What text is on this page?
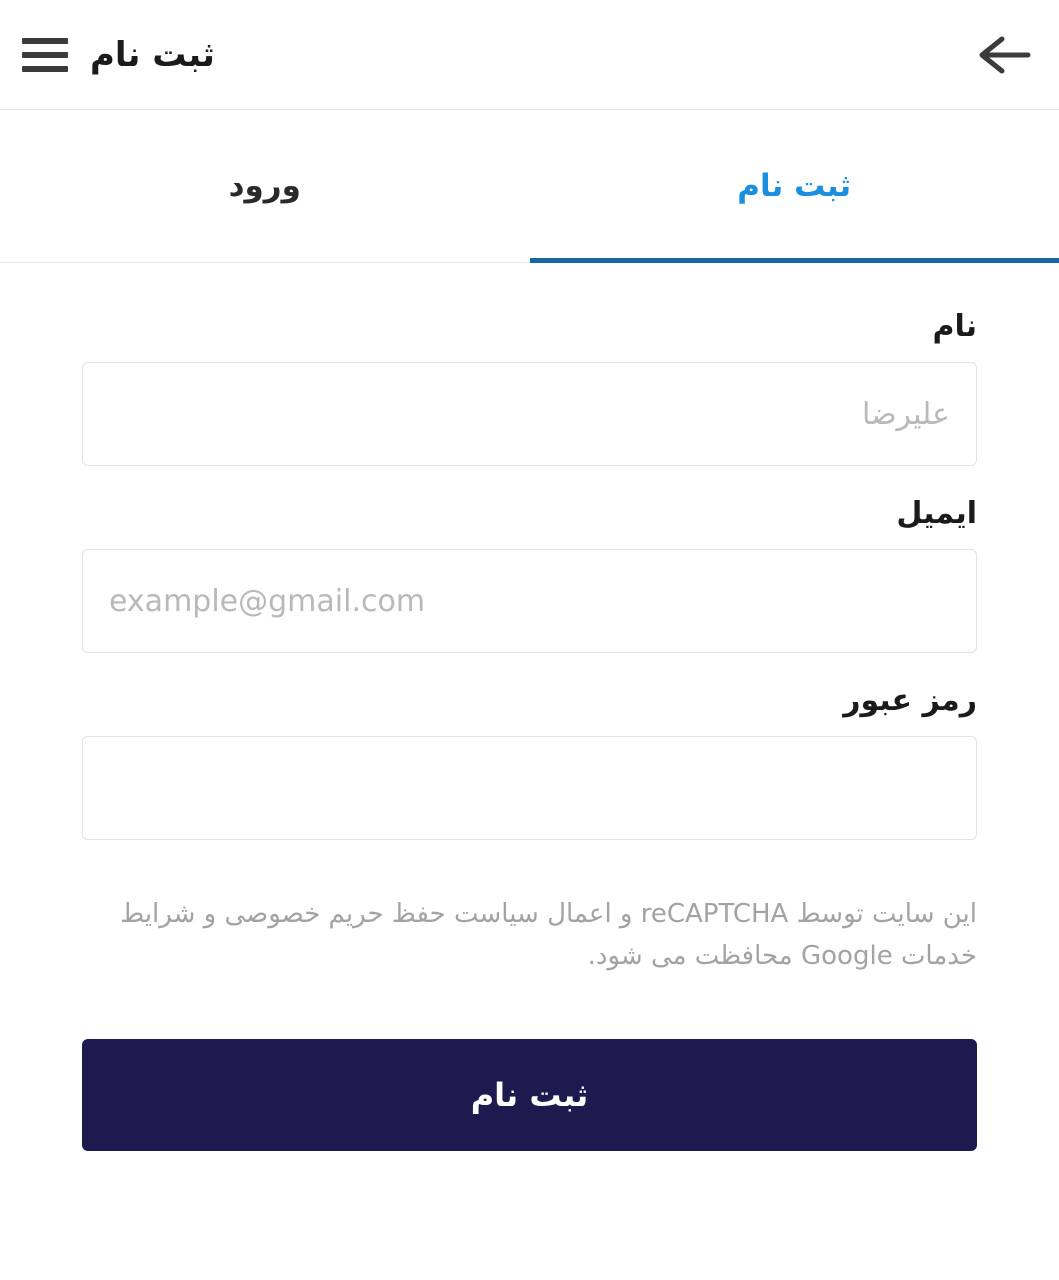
ثبت نام
ثبت نام
ورود
نام
علیرضا
ایمیل
example@gmail.com
رمز عبور
این سایت توسط reCAPTCHA و اعمال سیاست حفظ حریم خصوصی و شرایط خدمات Google محافظت می شود.
ثبت نام
